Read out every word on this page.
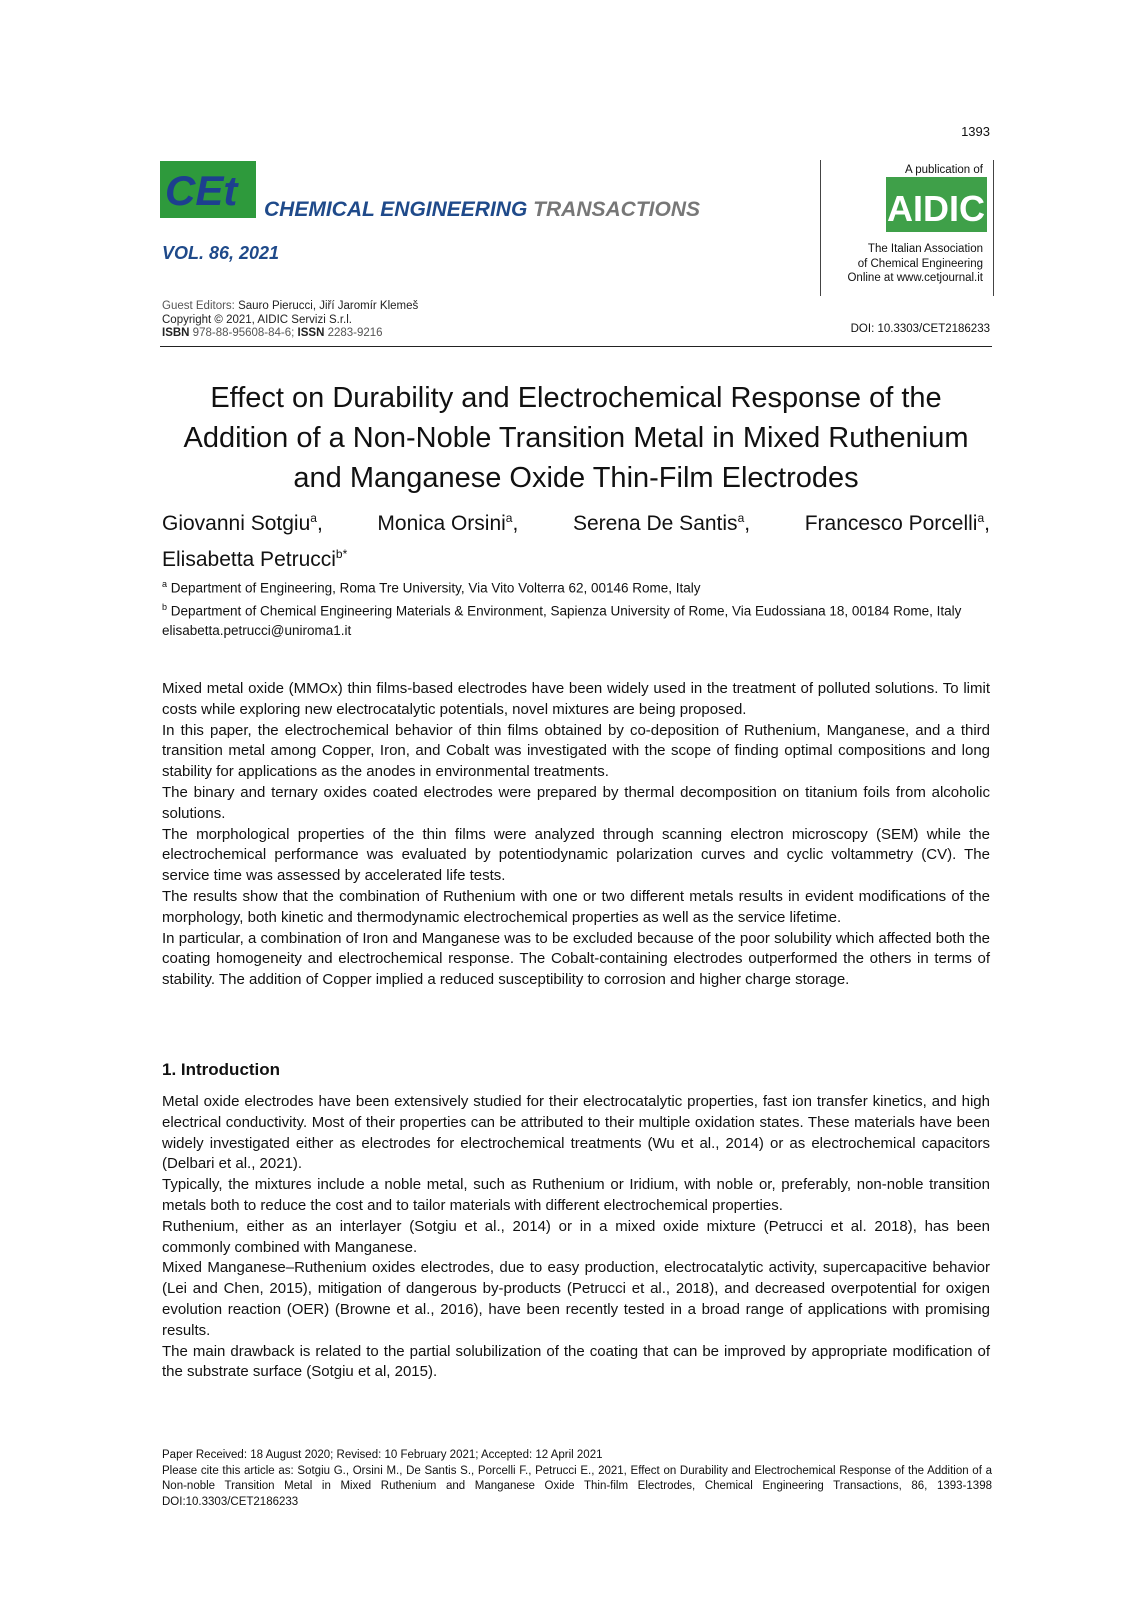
1393
CEt CHEMICAL ENGINEERING TRANSACTIONS
VOL. 86, 2021
A publication of
AIDIC
The Italian Association
of Chemical Engineering
Online at www.cetjournal.it
Guest Editors: Sauro Pierucci, Jiří Jaromír Klemeš
Copyright © 2021, AIDIC Servizi S.r.l.
ISBN 978-88-95608-84-6; ISSN 2283-9216	DOI: 10.3303/CET2186233
Effect on Durability and Electrochemical Response of the Addition of a Non-Noble Transition Metal in Mixed Ruthenium and Manganese Oxide Thin-Film Electrodes
Giovanni Sotgiu$^a$,	Monica Orsini$^a$,	Serena De Santis$^a$,	Francesco Porcelli$^a$,
Elisabetta Petrucci$^{b*}$
$^a$ Department of Engineering, Roma Tre University, Via Vito Volterra 62, 00146 Rome, Italy
$^b$ Department of Chemical Engineering Materials & Environment, Sapienza University of Rome, Via Eudossiana 18, 00184 Rome, Italy
elisabetta.petrucci@uniroma1.it

Mixed metal oxide (MMOx) thin films-based electrodes have been widely used in the treatment of polluted solutions. To limit costs while exploring new electrocatalytic potentials, novel mixtures are being proposed.

In this paper, the electrochemical behavior of thin films obtained by co-deposition of Ruthenium, Manganese, and a third transition metal among Copper, Iron, and Cobalt was investigated with the scope of finding optimal compositions and long stability for applications as the anodes in environmental treatments.

The binary and ternary oxides coated electrodes were prepared by thermal decomposition on titanium foils from alcoholic solutions.

The morphological properties of the thin films were analyzed through scanning electron microscopy (SEM) while the electrochemical performance was evaluated by potentiodynamic polarization curves and cyclic voltammetry (CV). The service time was assessed by accelerated life tests.

The results show that the combination of Ruthenium with one or two different metals results in evident modifications of the morphology, both kinetic and thermodynamic electrochemical properties as well as the service lifetime.

In particular, a combination of Iron and Manganese was to be excluded because of the poor solubility which affected both the coating homogeneity and electrochemical response. The Cobalt-containing electrodes outperformed the others in terms of stability. The addition of Copper implied a reduced susceptibility to corrosion and higher charge storage.

1. Introduction

Metal oxide electrodes have been extensively studied for their electrocatalytic properties, fast ion transfer kinetics, and high electrical conductivity. Most of their properties can be attributed to their multiple oxidation states. These materials have been widely investigated either as electrodes for electrochemical treatments (Wu et al., 2014) or as electrochemical capacitors (Delbari et al., 2021).

Typically, the mixtures include a noble metal, such as Ruthenium or Iridium, with noble or, preferably, non-noble transition metals both to reduce the cost and to tailor materials with different electrochemical properties.

Ruthenium, either as an interlayer (Sotgiu et al., 2014) or in a mixed oxide mixture (Petrucci et al. 2018), has been commonly combined with Manganese.

Mixed Manganese–Ruthenium oxides electrodes, due to easy production, electrocatalytic activity, supercapacitive behavior (Lei and Chen, 2015), mitigation of dangerous by-products (Petrucci et al., 2018), and decreased overpotential for oxigen evolution reaction (OER) (Browne et al., 2016), have been recently tested in a broad range of applications with promising results.

The main drawback is related to the partial solubilization of the coating that can be improved by appropriate modification of the substrate surface (Sotgiu et al, 2015).

Paper Received: 18 August 2020; Revised: 10 February 2021; Accepted: 12 April 2021

Please cite this article as: Sotgiu G., Orsini M., De Santis S., Porcelli F., Petrucci E., 2021, Effect on Durability and Electrochemical Response of the Addition of a Non-noble Transition Metal in Mixed Ruthenium and Manganese Oxide Thin-film Electrodes, Chemical Engineering Transactions, 86, 1393-1398 DOI:10.3303/CET2186233
